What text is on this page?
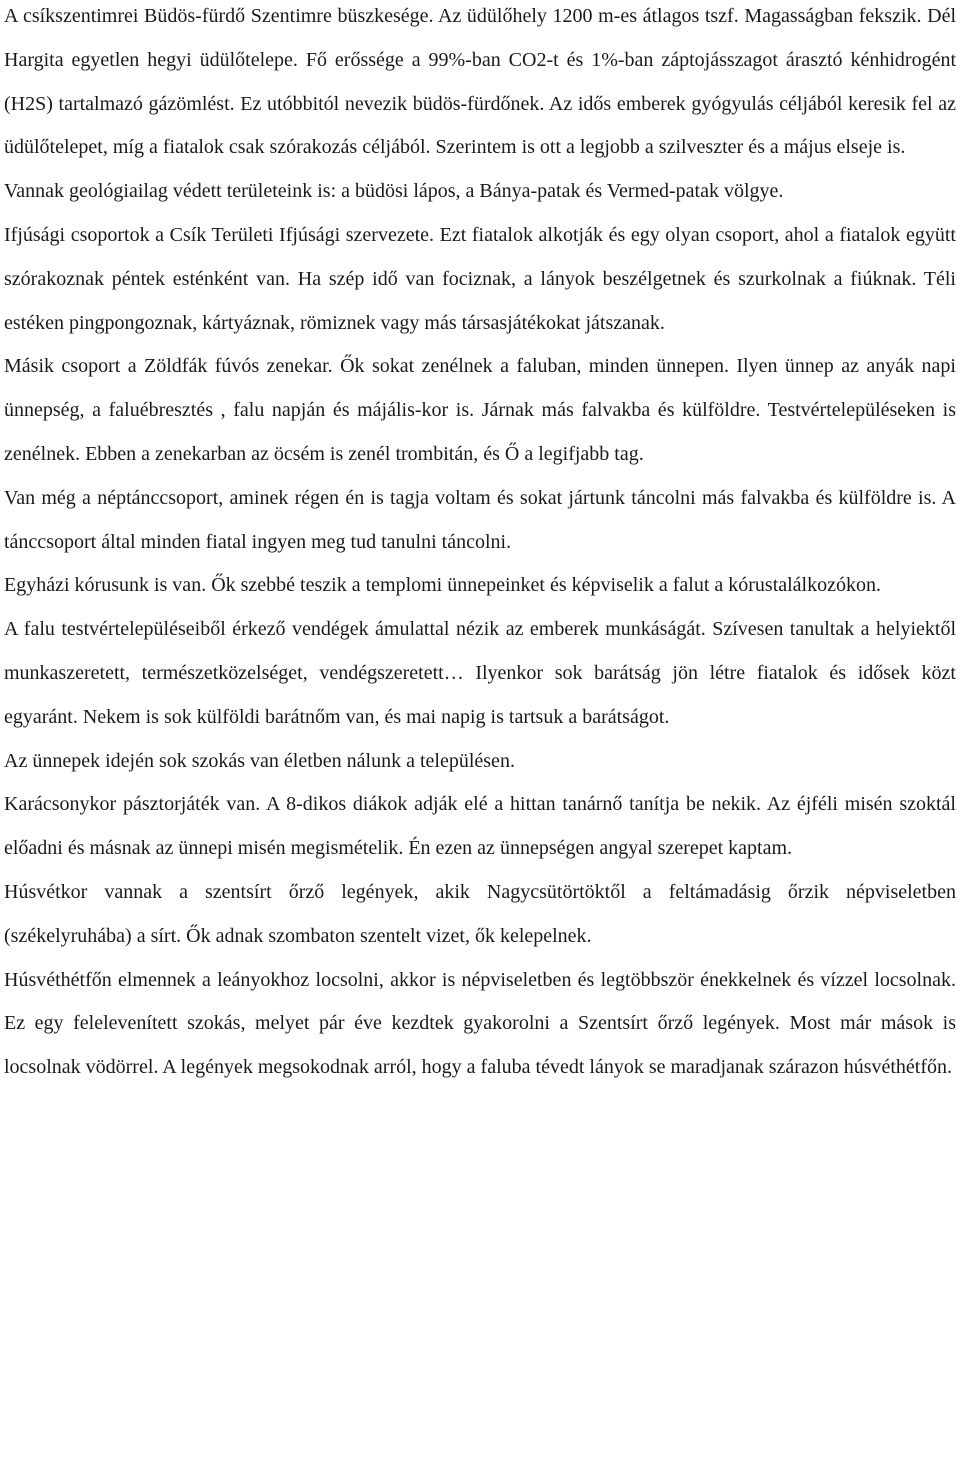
A csíkszentimrei Büdös-fürdő Szentimre büszkesége. Az üdülőhely 1200 m-es átlagos tszf. Magasságban fekszik. Dél Hargita egyetlen hegyi üdülőtelepe. Fő erőssége a 99%-ban CO2-t és 1%-ban záptojásszagot árasztó kénhidrogént (H2S) tartalmazó gázömlést. Ez utóbbitól nevezik büdös-fürdőnek. Az idős emberek gyógyulás céljából keresik fel az üdülőtelepet, míg a fiatalok csak szórakozás céljából. Szerintem is ott a legjobb a szilveszter és a május elseje is.

Vannak geológiailag védett területeink is: a büdösi lápos, a Bánya-patak és Vermed-patak völgye.

Ifjúsági csoportok a Csík Területi Ifjúsági szervezete. Ezt fiatalok alkotják és egy olyan csoport, ahol a fiatalok együtt szórakoznak péntek esténként van. Ha szép idő van fociznak, a lányok beszélgetnek és szurkolnak a fiúknak. Téli estéken pingpongoznak, kártyáznak, römiznek vagy más társasjátékokat játszanak.

Másik csoport a Zöldfák fúvós zenekar. Ők sokat zenélnek a faluban, minden ünnepen. Ilyen ünnep az anyák napi ünnepség, a faluébresztés , falu napján és májális-kor is. Járnak más falvakba és külföldre. Testvértelepüléseken is zenélnek. Ebben a zenekarban az öcsém is zenél trombitán, és Ő a legifjabb tag.

Van még a néptánccsoport, aminek régen én is tagja voltam és sokat jártunk táncolni más falvakba és külföldre is. A tánccsoport által minden fiatal ingyen meg tud tanulni táncolni.

Egyházi kórusunk is van. Ők szebbé teszik a templomi ünnepeinket és képviselik a falut a kórustalálkozókon.

A falu testvértelepüléseiből érkező vendégek ámulattal nézik az emberek munkáságát. Szívesen tanultak a helyiektől munkaszeretett, természetközelséget, vendégszeretett… Ilyenkor sok barátság jön létre fiatalok és idősek közt egyaránt. Nekem is sok külföldi barátnőm van, és mai napig is tartsuk a barátságot.

Az ünnepek idején sok szokás van életben nálunk a településen.

Karácsonykor pásztorjáték van. A 8-dikos diákok adják elé a hittan tanárnő tanítja be nekik. Az éjféli misén szoktál előadni és másnak az ünnepi misén megismételik. Én ezen az ünnepségen angyal szerepet kaptam.

Húsvétkor vannak a szentsírt őrző legények, akik Nagycsütörtöktől a feltámadásig őrzik népviseletben (székelyruhába) a sírt. Ők adnak szombaton szentelt vizet, ők kelepelnek.

Húsvéthétfőn elmennek a leányokhoz locsolni, akkor is népviseletben és legtöbbször énekkelnek és vízzel locsolnak. Ez egy felelevenített szokás, melyet pár éve kezdtek gyakorolni a Szentsírt őrző legények. Most már mások is locsolnak vödörrel. A legények megsokodnak arról, hogy a faluba tévedt lányok se maradjanak szárazon húsvéthétfőn.
